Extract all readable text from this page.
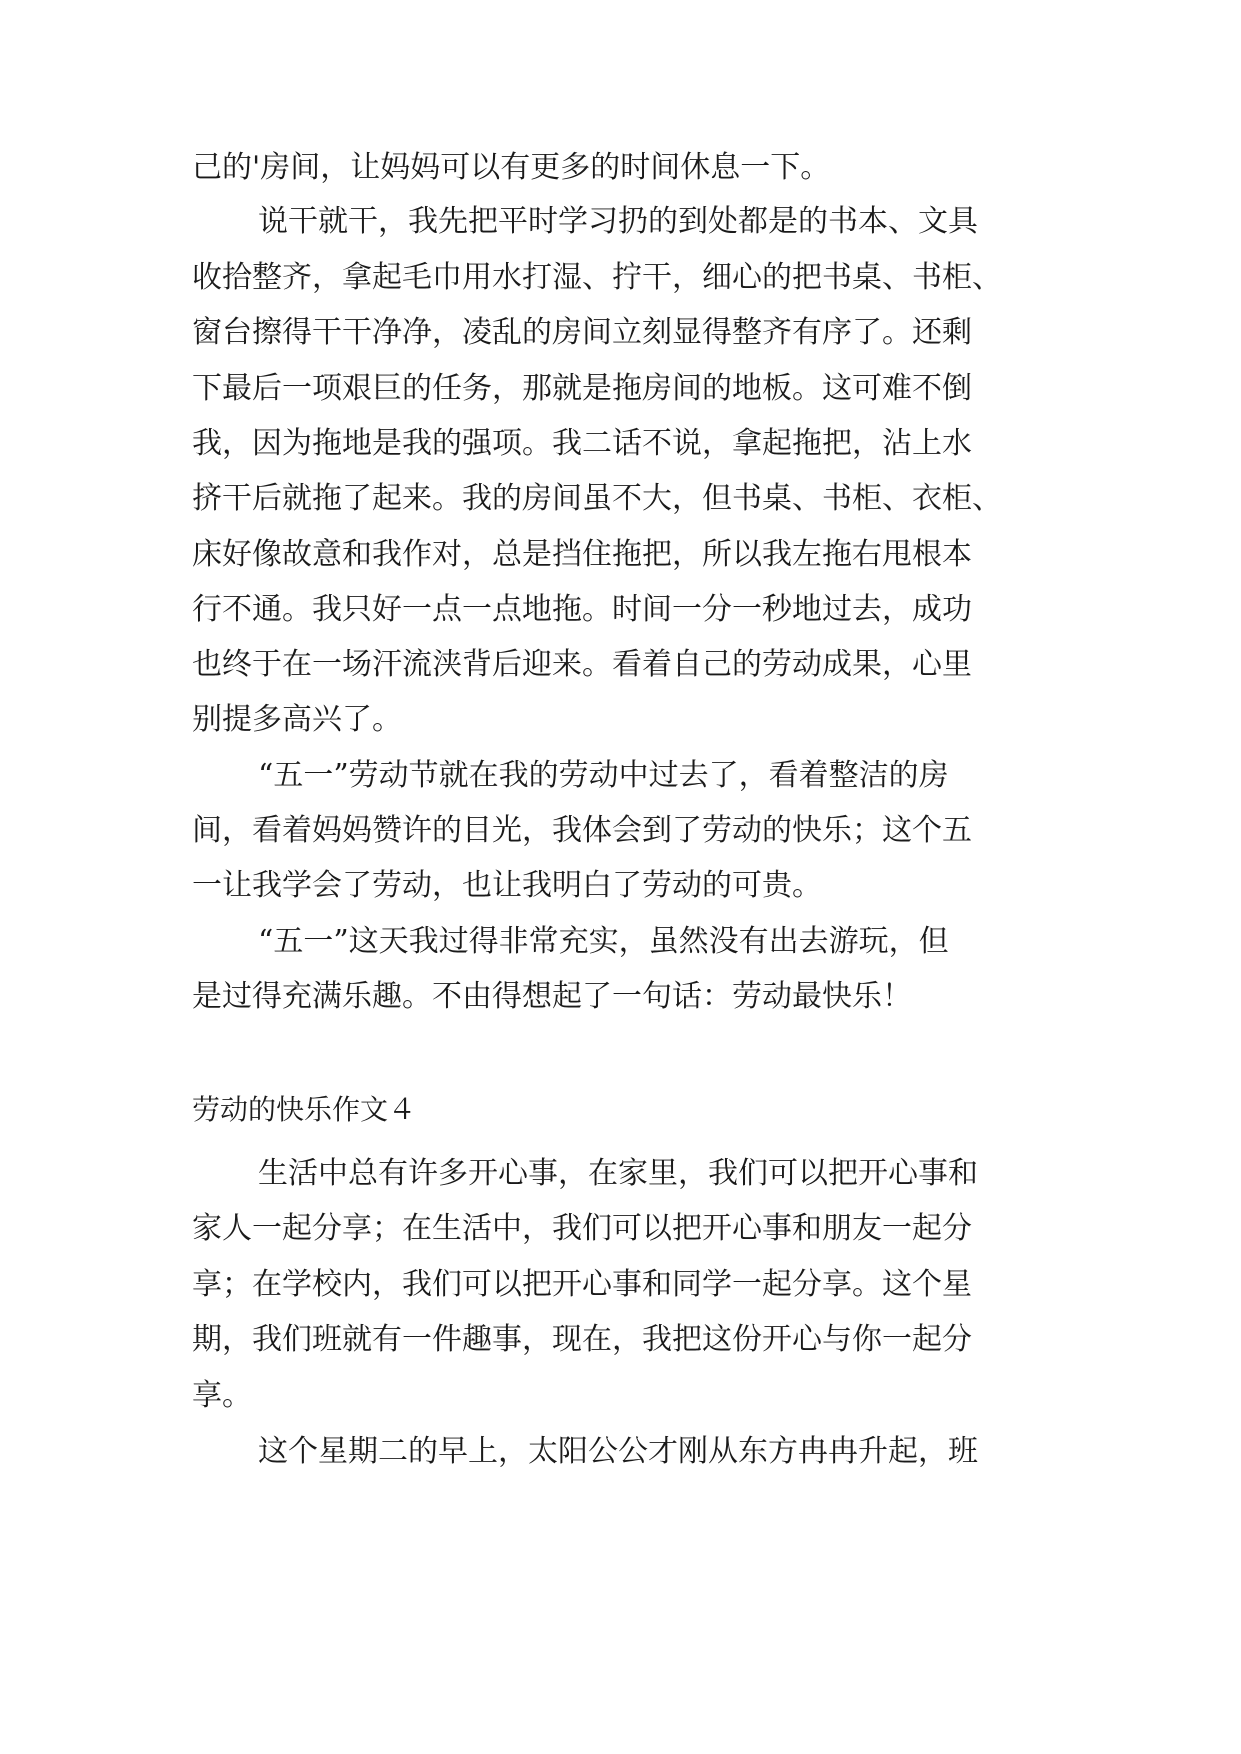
己的'房间，让妈妈可以有更多的时间休息一下。
说干就干，我先把平时学习扔的到处都是的书本、文具
收拾整齐，拿起毛巾用水打湿、拧干，细心的把书桌、书柜、
窗台擦得干干净净，凌乱的房间立刻显得整齐有序了。还剩
下最后一项艰巨的任务，那就是拖房间的地板。这可难不倒
我，因为拖地是我的强项。我二话不说，拿起拖把，沾上水
挤干后就拖了起来。我的房间虽不大，但书桌、书柜、衣柜、
床好像故意和我作对，总是挡住拖把，所以我左拖右甩根本
行不通。我只好一点一点地拖。时间一分一秒地过去，成功
也终于在一场汗流浃背后迎来。看着自己的劳动成果，心里
别提多高兴了。
“五一”劳动节就在我的劳动中过去了，看着整洁的房
间，看着妈妈赞许的目光，我体会到了劳动的快乐；这个五
一让我学会了劳动，也让我明白了劳动的可贵。
“五一”这天我过得非常充实，虽然没有出去游玩，但
是过得充满乐趣。不由得想起了一句话：劳动最快乐！
劳动的快乐作文４
生活中总有许多开心事，在家里，我们可以把开心事和
家人一起分享；在生活中，我们可以把开心事和朋友一起分
享；在学校内，我们可以把开心事和同学一起分享。这个星
期，我们班就有一件趣事，现在，我把这份开心与你一起分
享。
这个星期二的早上，太阳公公才刚从东方冉冉升起，班
